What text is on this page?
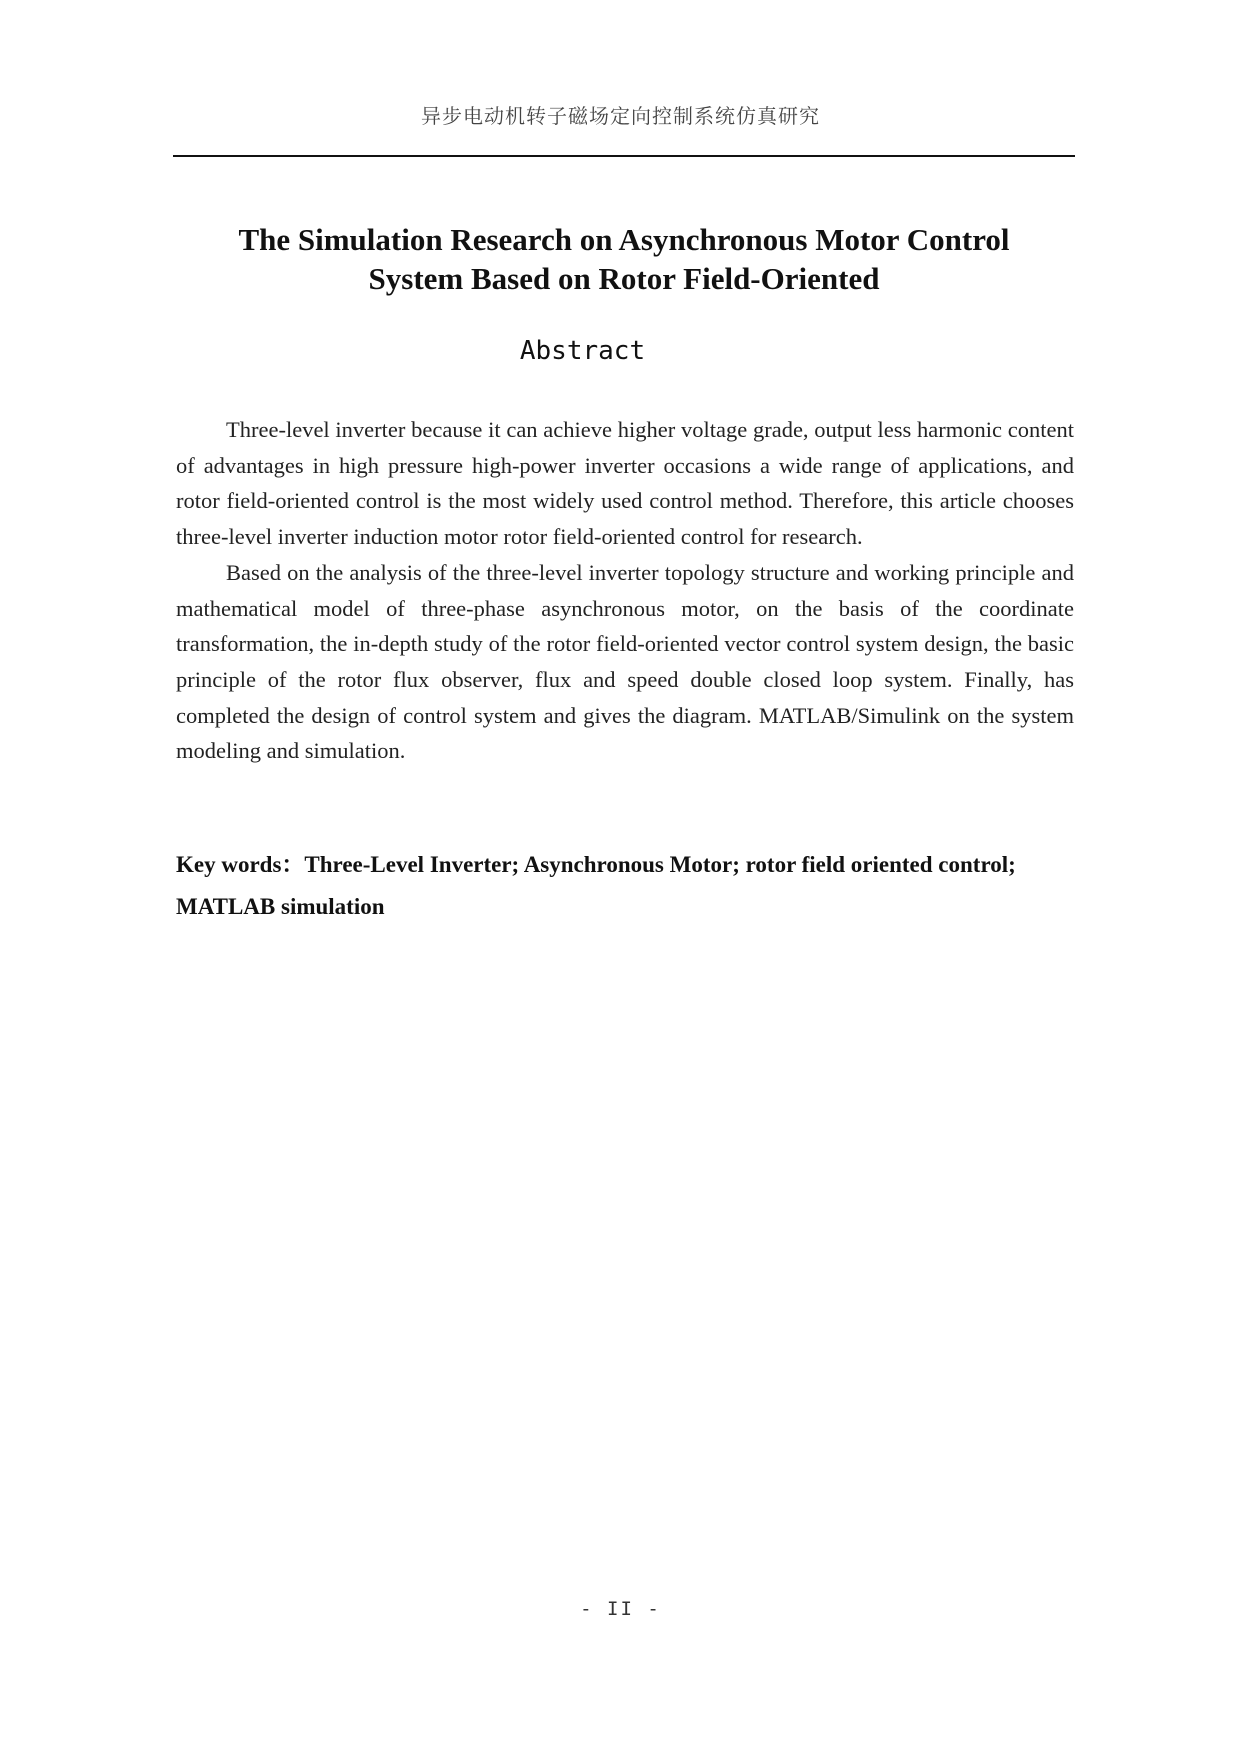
异步电动机转子磁场定向控制系统仿真研究
The Simulation Research on Asynchronous Motor Control
System Based on Rotor Field-Oriented
Abstract

Three-level inverter because it can achieve higher voltage grade, output less harmonic content of advantages in high pressure high-power inverter occasions a wide range of applications, and rotor field-oriented control is the most widely used control method. Therefore, this article chooses three-level inverter induction motor rotor field-oriented control for research.

Based on the analysis of the three-level inverter topology structure and working principle and mathematical model of three-phase asynchronous motor, on the basis of the coordinate transformation, the in-depth study of the rotor field-oriented vector control system design, the basic principle of the rotor flux observer, flux and speed double closed loop system. Finally, has completed the design of control system and gives the diagram. MATLAB/Simulink on the system modeling and simulation.

Key words：Three-Level Inverter; Asynchronous Motor; rotor field oriented control; MATLAB simulation
- II -
